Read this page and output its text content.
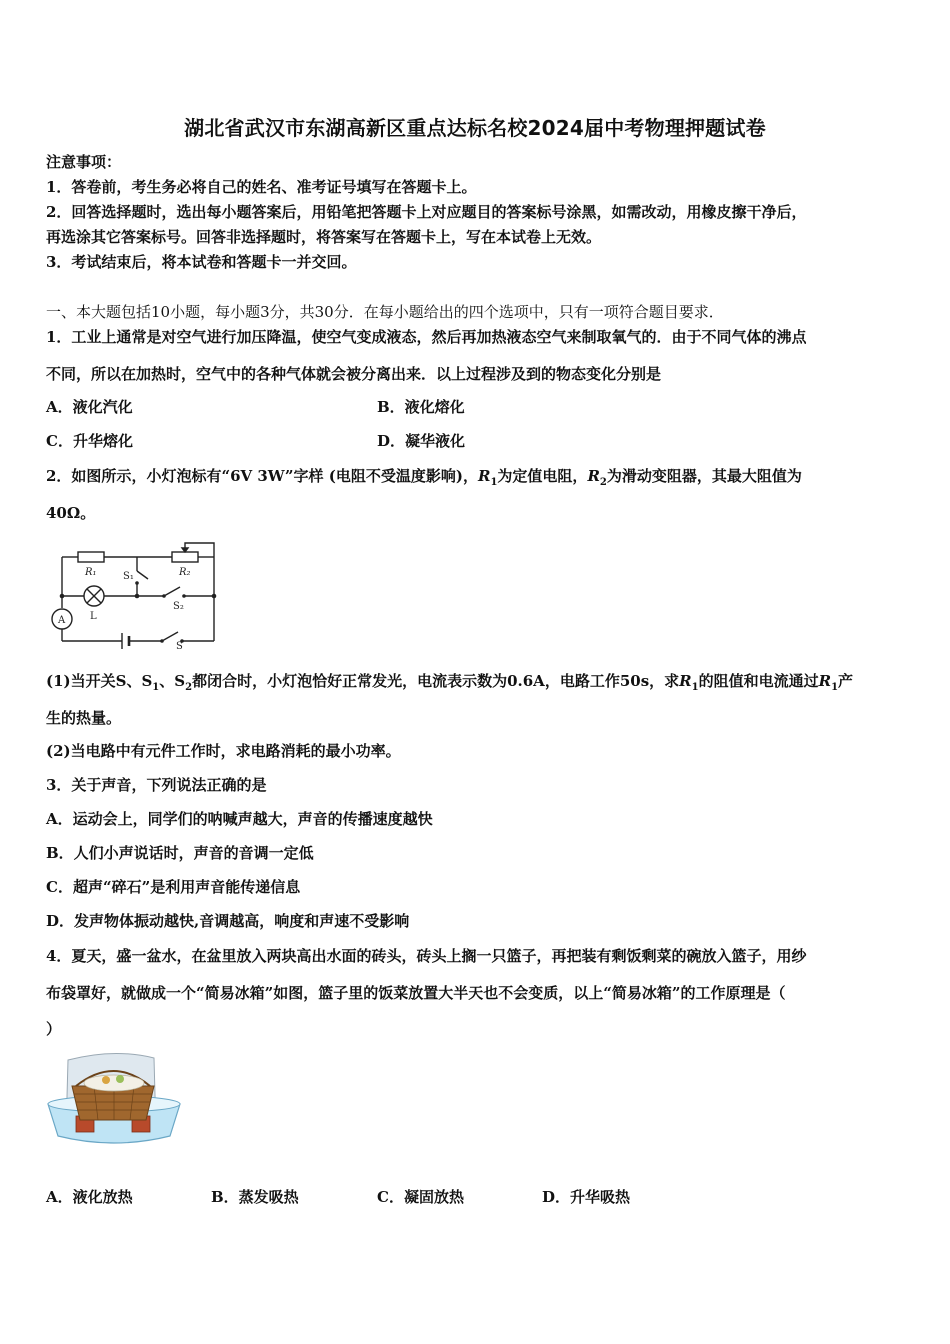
湖北省武汉市东湖高新区重点达标名校2024届中考物理押题试卷
注意事项：
1．答卷前，考生务必将自己的姓名、准考证号填写在答题卡上。
2．回答选择题时，选出每小题答案后，用铅笔把答题卡上对应题目的答案标号涂黑，如需改动，用橡皮擦干净后，
再选涂其它答案标号。回答非选择题时，将答案写在答题卡上，写在本试卷上无效。
3．考试结束后，将本试卷和答题卡一并交回。
一、本大题包括10小题，每小题3分，共30分．在每小题给出的四个选项中，只有一项符合题目要求．
1．工业上通常是对空气进行加压降温，使空气变成液态，然后再加热液态空气来制取氧气的．由于不同气体的沸点
不同，所以在加热时，空气中的各种气体就会被分离出来．以上过程涉及到的物态变化分别是
A．液化汽化	B．液化熔化
C．升华熔化	D．凝华液化
2．如图所示，小灯泡标有“6V 3W”字样 (电阻不受温度影响)，$R_1$为定值电阻，$R_2$为滑动变阻器，其最大阻值为
40Ω。
R₁	R₂
S₁
S₂
S
L
A
(1)当开关S、$S_1$、$S_2$都闭合时，小灯泡恰好正常发光，电流表示数为0.6A，电路工作50s，求$R_1$的阻值和电流通过$R_1$产
生的热量。
(2)当电路中有元件工作时，求电路消耗的最小功率。
3．关于声音，下列说法正确的是
A．运动会上，同学们的呐喊声越大，声音的传播速度越快
B．人们小声说话时，声音的音调一定低
C．超声“碎石”是利用声音能传递信息
D．发声物体振动越快,音调越高，响度和声速不受影响
4．夏天，盛一盆水，在盆里放入两块高出水面的砖头，砖头上搁一只篮子，再把装有剩饭剩菜的碗放入篮子，用纱
布袋罩好，就做成一个“简易冰箱”如图，篮子里的饭菜放置大半天也不会变质，以上“简易冰箱”的工作原理是（
）
A．液化放热	B．蒸发吸热	C．凝固放热	D．升华吸热
